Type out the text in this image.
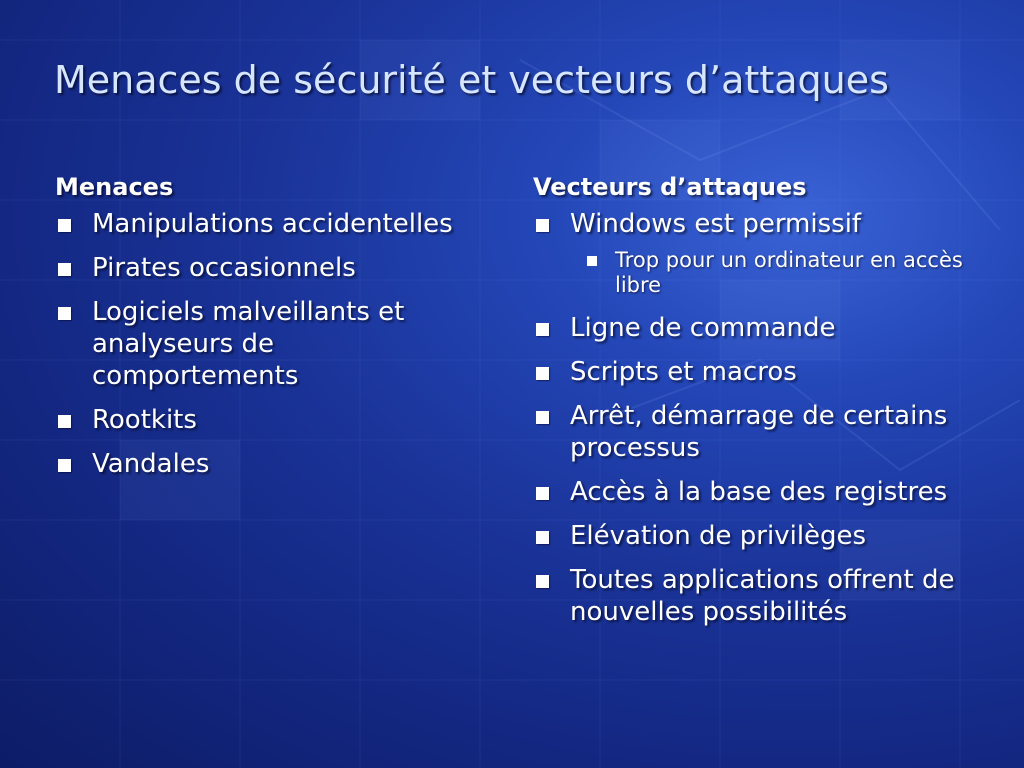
Menaces de sécurité et vecteurs d’attaques
Menaces
Manipulations accidentelles
Pirates occasionnels
Logiciels malveillants et analyseurs de comportements
Rootkits
Vandales
Vecteurs d’attaques
Windows est permissif
Trop pour un ordinateur en accès libre
Ligne de commande
Scripts et macros
Arrêt, démarrage de certains processus
Accès à la base des registres
Elévation de privilèges
Toutes applications offrent de nouvelles possibilités
